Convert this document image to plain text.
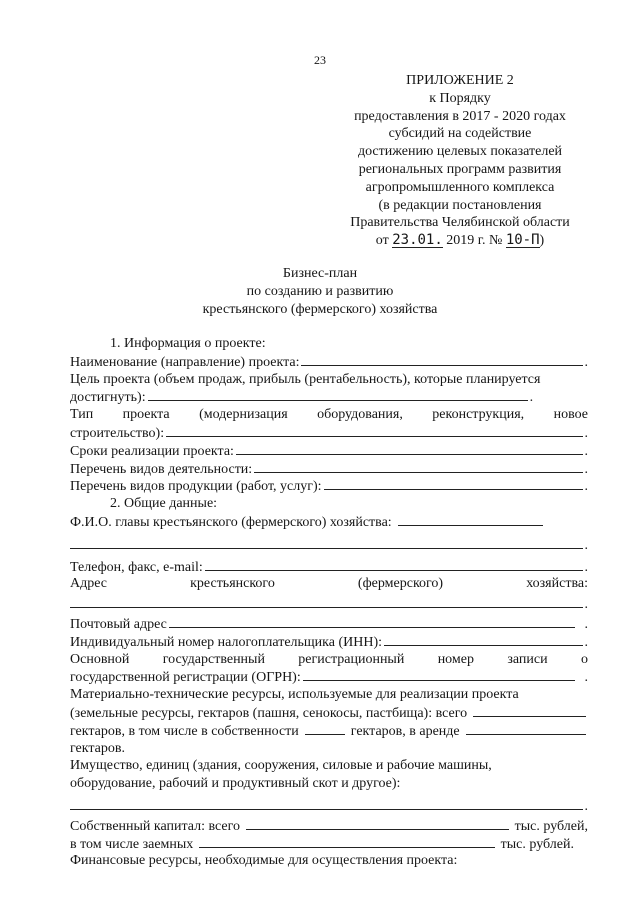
23
ПРИЛОЖЕНИЕ 2
к Порядку
предоставления в 2017 - 2020 годах
субсидий на содействие
достижению целевых показателей
региональных программ развития
агропромышленного комплекса
(в редакции постановления
Правительства Челябинской области
от 23.01. 2019 г. № 10-П)
Бизнес-план
по созданию и развитию
крестьянского (фермерского) хозяйства
1. Информация о проекте:
Наименование (направление) проекта:	.
Цель проекта (объем продаж, прибыль (рентабельность), которые планируется
достигнуть):	.
Тип проекта (модернизация оборудования, реконструкция, новое
строительство):	.
Сроки реализации проекта:	.
Перечень видов деятельности:	.
Перечень видов продукции (работ, услуг):	.
2. Общие данные:
Ф.И.О. главы крестьянского (фермерского) хозяйства:
.
Телефон, факс, e-mail:	.
Адрес	крестьянского	(фермерского)	хозяйства:
.
Почтовый адрес	.
Индивидуальный номер налогоплательщика (ИНН):	.
Основной государственный регистрационный номер записи о
государственной регистрации (ОГРН):	.
Материально-технические ресурсы, используемые для реализации проекта
(земельные ресурсы, гектаров (пашня, сенокосы, пастбища): всего
гектаров, в том числе в собственности	гектаров, в аренде
гектаров.
Имущество, единиц (здания, сооружения, силовые и рабочие машины,
оборудование, рабочий и продуктивный скот и другое):
.
Собственный капитал: всего	тыс. рублей,
в том числе заемных	тыс. рублей.
Финансовые ресурсы, необходимые для осуществления проекта:
